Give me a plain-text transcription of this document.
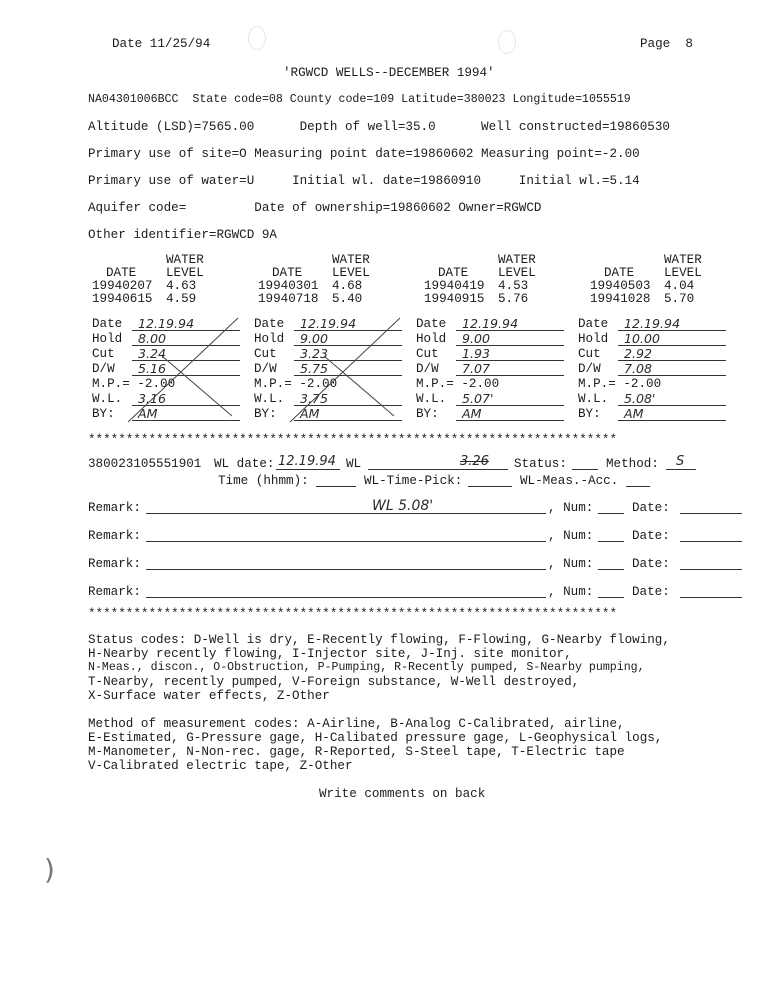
Date 11/25/94	Page 8
'RGWCD WELLS--DECEMBER 1994'
NA04301006BCC State code=08 County code=109 Latitude=380023 Longitude=1055519
Altitude (LSD)=7565.00	Depth of well=35.0	Well constructed=19860530
Primary use of site=O Measuring point date=19860602 Measuring point=-2.00
Primary use of water=U	Initial wl. date=19860910	Initial wl.=5.14
Aquifer code=	Date of ownership=19860602 Owner=RGWCD
Other identifier=RGWCD 9A
WATER
DATE LEVEL
19940207 4.63
19940615 4.59
WATER
DATE LEVEL
19940301 4.68
19940718 5.40
WATER
DATE LEVEL
19940419 4.53
19940915 5.76
WATER
DATE LEVEL
19940503 4.04
19941028 5.70
Date 12.19.94
Hold 8.00
Cut 3.24
D/W 5.16
M.P.= -2.00
W.L. 3.16
BY: AM
Date 12.19.94
Hold 9.00
Cut 3.23
D/W 5.75
M.P.= -2.00
W.L. 3.75
BY: AM
Date 12.19.94
Hold 9.00
Cut 1.93
D/W 7.07
M.P.= -2.00
W.L. 5.07'
BY: AM
Date 12.19.94
Hold 10.00
Cut 2.92
D/W 7.08
M.P.= -2.00
W.L. 5.08'
BY: AM
**********************************************************************
380023105551901 WL date: 12.19.94 WL	3.26 Status:	Method: S
Time (hhmm):	WL-Time-Pick:	WL-Meas.-Acc.
Remark:	WL 5.08'	, Num:	Date:
Remark:	, Num:	Date:
Remark:	, Num:	Date:
Remark:	, Num:	Date:
**********************************************************************
Status codes: D-Well is dry, E-Recently flowing, F-Flowing, G-Nearby flowing,
H-Nearby recently flowing, I-Injector site, J-Inj. site monitor,
N-Meas., discon., O-Obstruction, P-Pumping, R-Recently pumped, S-Nearby pumping,
T-Nearby, recently pumped, V-Foreign substance, W-Well destroyed,
X-Surface water effects, Z-Other
Method of measurement codes: A-Airline, B-Analog C-Calibrated, airline,
E-Estimated, G-Pressure gage, H-Calibated pressure gage, L-Geophysical logs,
M-Manometer, N-Non-rec. gage, R-Reported, S-Steel tape, T-Electric tape
V-Calibrated electric tape, Z-Other
Write comments on back
)
